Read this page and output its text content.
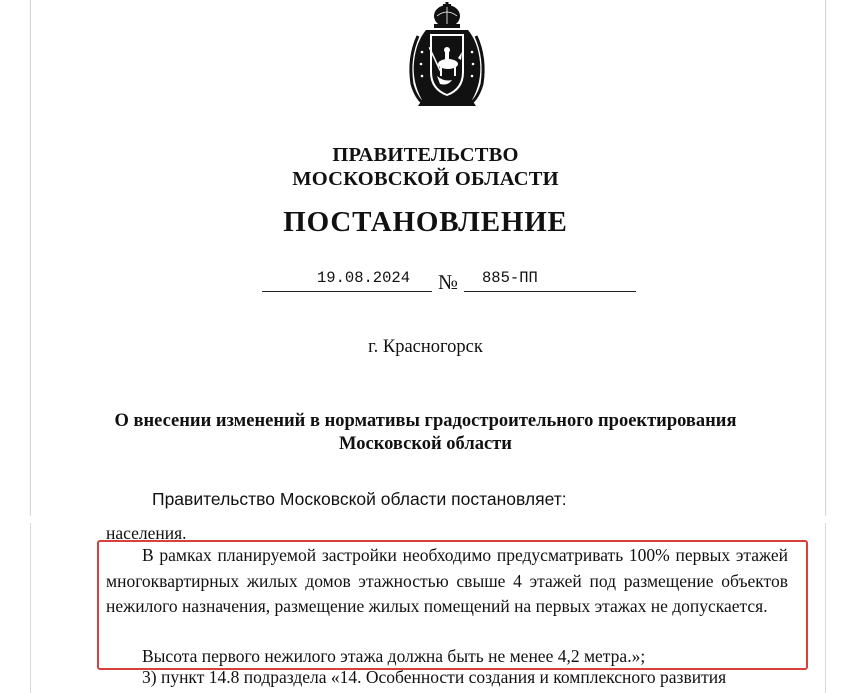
ПРАВИТЕЛЬСТВО
МОСКОВСКОЙ ОБЛАСТИ
ПОСТАНОВЛЕНИЕ
19.08.2024	№	885-ПП
г. Красногорск
О внесении изменений в нормативы градостроительного проектирования
Московской области
Правительство Московской области постановляет:
населения.
В рамках планируемой застройки необходимо предусматривать 100% первых этажей многоквартирных жилых домов этажностью свыше 4 этажей под размещение объектов нежилого назначения, размещение жилых помещений на первых этажах не допускается.
Высота первого нежилого этажа должна быть не менее 4,2 метра.»;
3) пункт 14.8 подраздела «14. Особенности создания и комплексного развития
